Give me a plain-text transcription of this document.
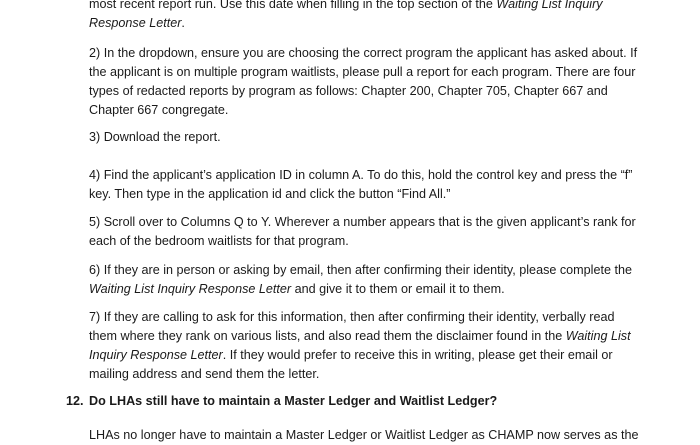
most recent report run. Use this date when filling in the top section of the Waiting List Inquiry
Response Letter.

2) In the dropdown, ensure you are choosing the correct program the applicant has asked about. If
the applicant is on multiple program waitlists, please pull a report for each program. There are four
types of redacted reports by program as follows: Chapter 200, Chapter 705, Chapter 667 and
Chapter 667 congregate.

3) Download the report.

4) Find the applicant’s application ID in column A. To do this, hold the control key and press the “f”
key. Then type in the application id and click the button “Find All.”

5) Scroll over to Columns Q to Y. Wherever a number appears that is the given applicant’s rank for
each of the bedroom waitlists for that program.

6) If they are in person or asking by email, then after confirming their identity, please complete the
Waiting List Inquiry Response Letter and give it to them or email it to them.

7) If they are calling to ask for this information, then after confirming their identity, verbally read
them where they rank on various lists, and also read them the disclaimer found in the Waiting List
Inquiry Response Letter. If they would prefer to receive this in writing, please get their email or
mailing address and send them the letter.

12. Do LHAs still have to maintain a Master Ledger and Waitlist Ledger?

LHAs no longer have to maintain a Master Ledger or Waitlist Ledger as CHAMP now serves as the
